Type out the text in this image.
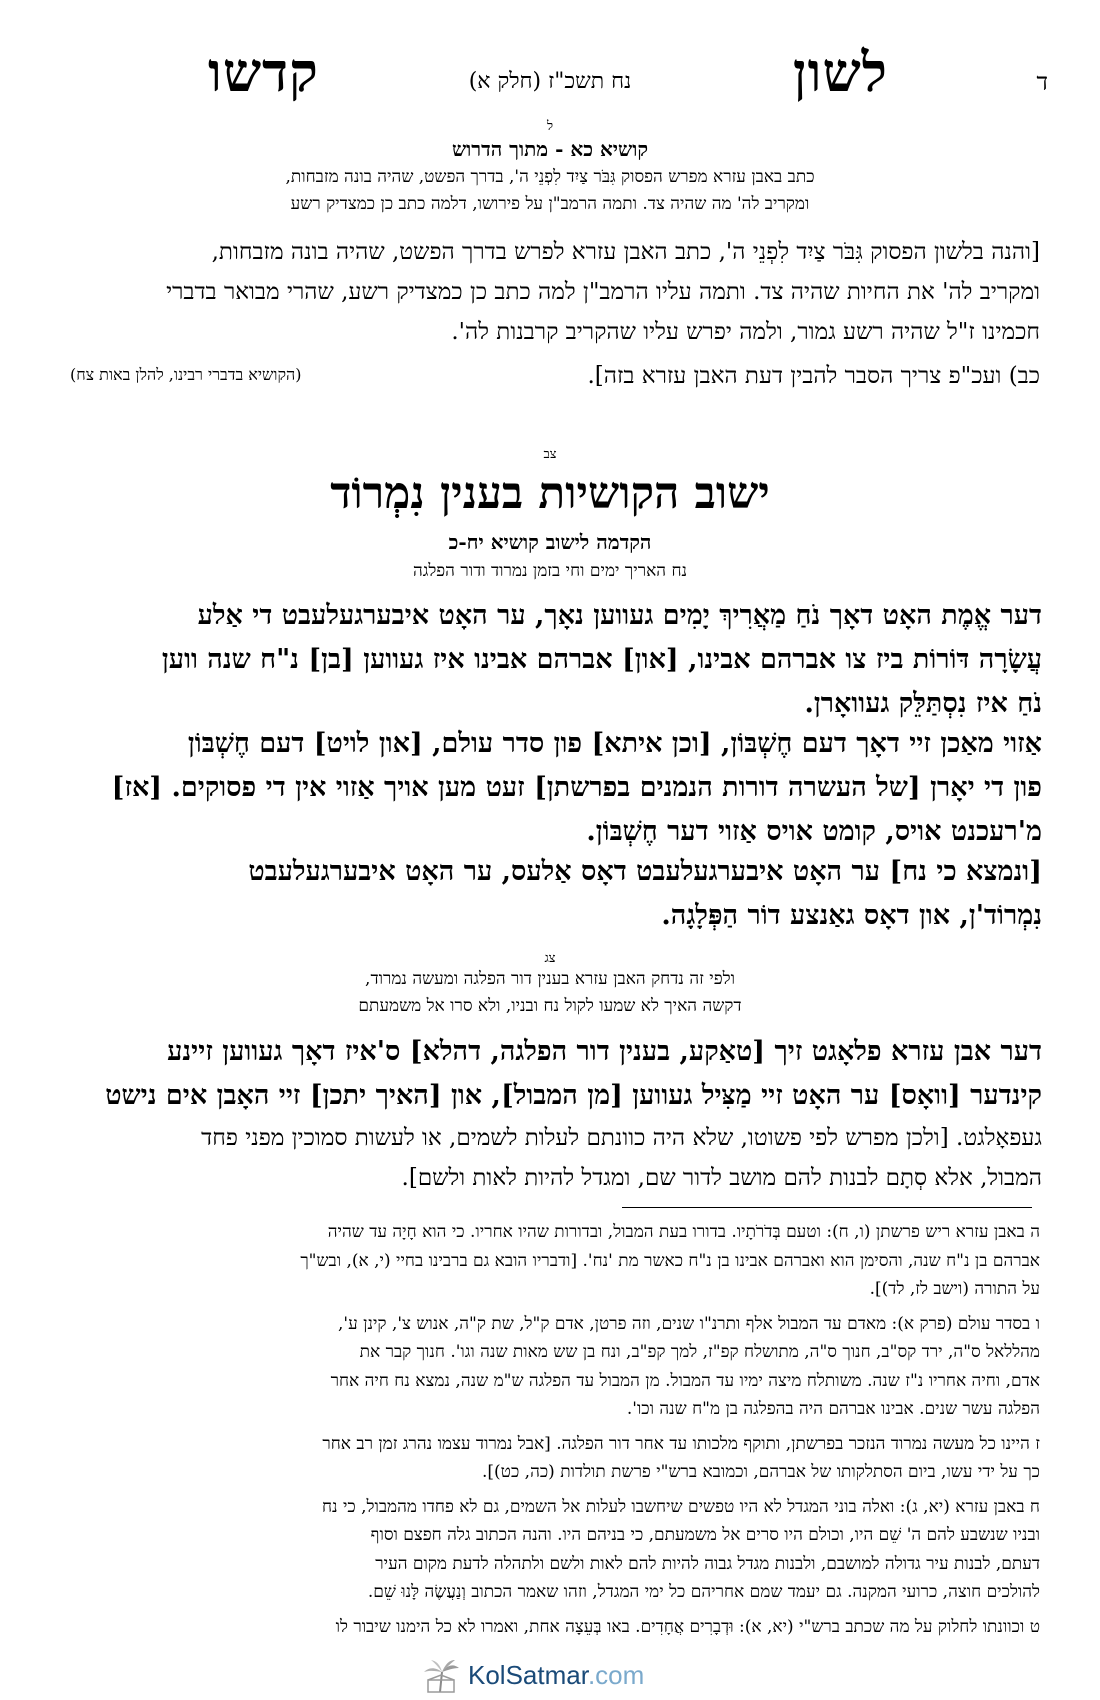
ד
לשון
נח תשכ"ז (חלק א)
קדשו
ל
קושיא כא - מתוך הדרוש
כתב באבן עזרא מפרש הפסוק גִּבֹּר צַיִד לִפְנֵי ה', בדרך הפשט, שהיה בונה מזבחות,
ומקריב לה' מה שהיה צד. ותמה הרמב"ן על פירושו, דלמה כתב כן כמצדיק רשע
[והנה בלשון הפסוק גִּבֹּר צַיִד לִפְנֵי ה', כתב האבן עזרא לפרש בדרך הפשט, שהיה בונה מזבחות,
ומקריב לה' את החיות שהיה צד. ותמה עליו הרמב"ן למה כתב כן כמצדיק רשע, שהרי מבואר בדברי
חכמינו ז"ל שהיה רשע גמור, ולמה יפרש עליו שהקריב קרבנות לה'.
כב) ועכ"פ צריך הסבר להבין דעת האבן עזרא בזה].
(הקושיא בדברי רבינו, להלן באות צח)
צב
ישוב הקושיות בענין נִמְרוֹד
הקדמה לישוב קושיא יח-כ
נח האריך ימים וחי בזמן נמרוד ודור הפלגה
דער אֱמֶת האָט דאָך נֹחַ מַאֲרִיךְ יָמִים געווען נאָך, ער האָט איבערגעלעבט די אַלע
עֲשָׂרָה דּוֹרוֹת ביז צו אברהם אבינו, [און] אברהם אבינו איז געווען [בן] נ"ח שנה ווען
נֹחַ איז נִסְתַּלֵּק געוואָרן.
אַזוי מאַכן זיי דאָך דעם חֶשְׁבּוֹן, [וכן איתא] פון סדר עולם, [און לויט] דעם חֶשְׁבּוֹן
פון די יאָרן [של העשרה דורות הנמנים בפרשתן] זעט מען אויך אַזוי אין די פסוקים. [אז]
מ'רעכנט אויס, קומט אויס אַזוי דער חֶשְׁבּוֹן.
[ונמצא כי נח] ער האָט איבערגעלעבט דאָס אַלעס, ער האָט איבערגעלעבט
נִמְרוֹד'ן, און דאָס גאַנצע דוֹר הַפְּלָגָה.
צג
ולפי זה נדחק האבן עזרא בענין דור הפלגה ומעשה נמרוד,
דקשה האיך לא שמעו לקול נח ובניו, ולא סרו אל משמעתם
דער אבן עזרא פלאָגט זיך [טאַקע, בענין דור הפלגה, דהלא] ס'איז דאָך געווען זיינע
קינדער [וואָס] ער האָט זיי מַצִּיל געווען [מן המבול], און [האיך יתכן] זיי האָבן אים נישט
געפאָלגט. [ולכן מפרש לפי פשוטו, שלא היה כוונתם לעלות לשמים, או לעשות סמוכין מפני פחד
המבול, אלא סְתָם לבנות להם מושב לדור שם, ומגדל להיות לאות ולשם].
ה באבן עזרא ריש פרשתן (ו, ח): וטעם בְּדֹרֹתָיו. בדורו בעת המבול, ובדורות שהיו אחריו. כי הוא חָיָה עד שהיה
אברהם בן נ"ח שנה, והסימן הוא ואברהם אבינו בן נ"ח כאשר מת 'נח'. [ודבריו הובא גם ברבינו בחיי (י, א), ובש"ך
על התורה (וישב לז, לד)].
ו בסדר עולם (פרק א): מאדם עד המבול אלף ותרנ"ו שנים, וזה פרטן, אדם ק"ל, שת ק"ה, אנוש צ', קינן ע',
מהללאל ס"ה, ירד קס"ב, חנוך ס"ה, מתושלח קפ"ז, למך קפ"ב, ונח בן שש מאות שנה וגו'. חנוך קבר את
אדם, וחיה אחריו נ"ז שנה. משותלח מיצה ימיו עד המבול. מן המבול עד הפלגה ש"מ שנה, נמצא נח חיה אחר
הפלגה עשר שנים. אבינו אברהם היה בהפלגה בן מ"ח שנה וכו'.
ז היינו כל מעשה נמרוד הנזכר בפרשתן, ותוקף מלכותו עד אחר דור הפלגה. [אבל נמרוד עצמו נהרג זמן רב אחר
כך על ידי עשו, ביום הסתלקותו של אברהם, וכמובא ברש"י פרשת תולדות (כה, כט)].
ח באבן עזרא (יא, ג): ואלה בוני המגדל לא היו טפשים שיחשבו לעלות אל השמים, גם לא פחדו מהמבול, כי נח
ובניו שנשבע להם ה' שֵׁם היו, וכולם היו סרים אל משמעתם, כי בניהם היו. והנה הכתוב גלה חפצם וסוף
דעתם, לבנות עיר גדולה למושבם, ולבנות מגדל גבוה להיות להם לאות ולשם ולתהלה לדעת מקום העיר
להולכים חוצה, כרועי המקנה. גם יעמד שמם אחריהם כל ימי המגדל, וזהו שאמר הכתוב וְנַעֲשֶׂה לָּנוּ שֵׁם.
ט וכוונתו לחלוק על מה שכתב ברש"י (יא, א): וּדְבָרִים אֲחָדִים. באו בְּעֵצָה אחת, ואמרו לא כל הימנו שיבור לו
KolSatmar.com
